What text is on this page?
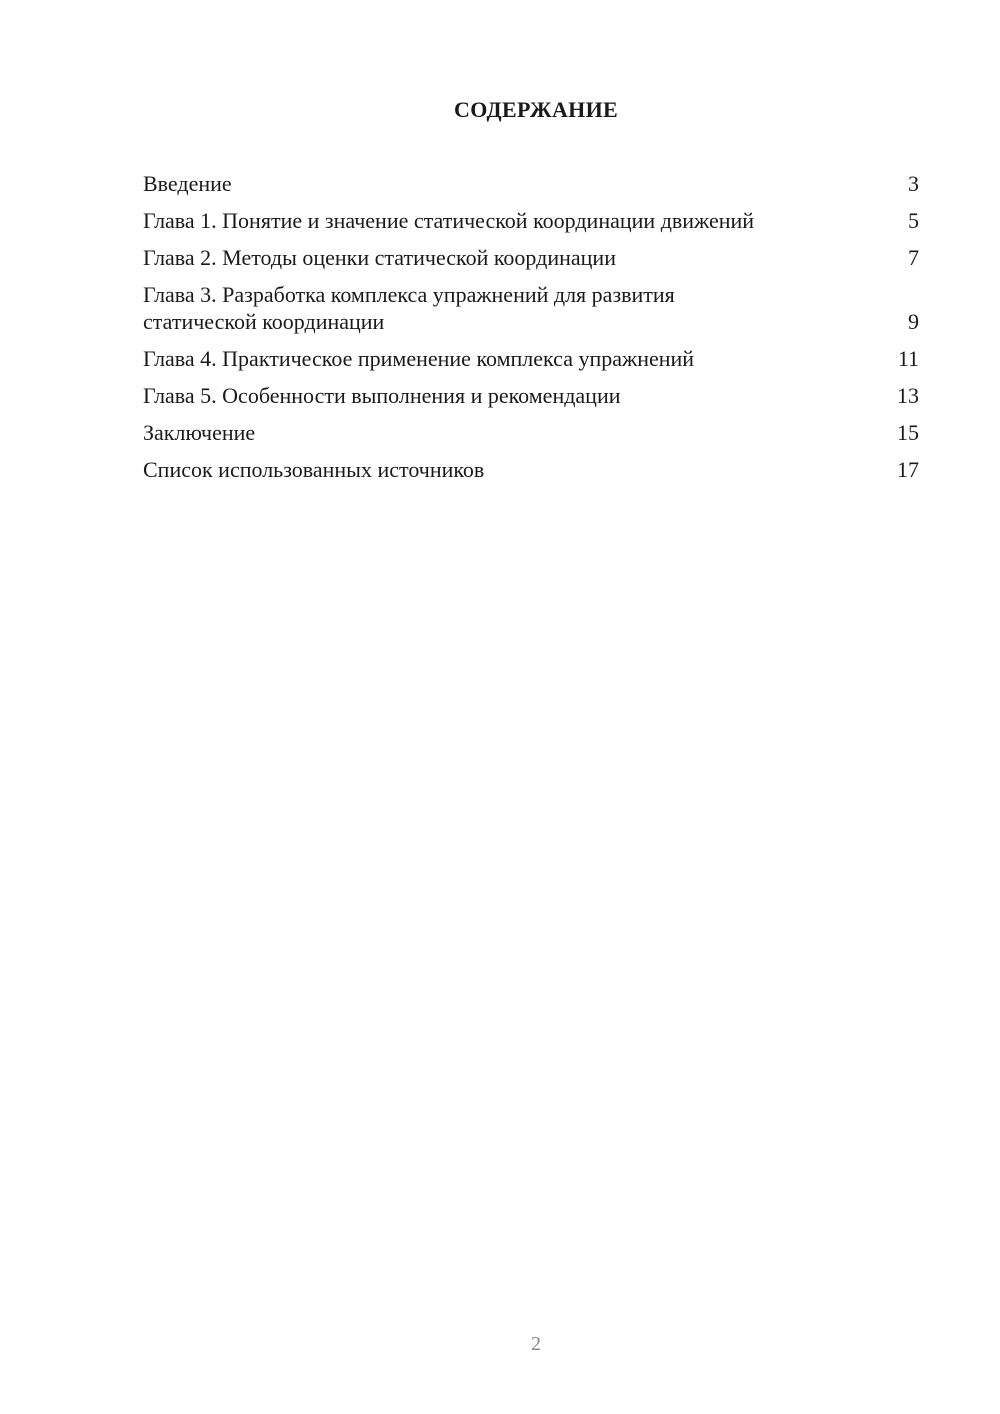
СОДЕРЖАНИЕ
Введение	3
Глава 1. Понятие и значение статической координации движений	5
Глава 2. Методы оценки статической координации	7
Глава 3. Разработка комплекса упражнений для развития статической координации	9
Глава 4. Практическое применение комплекса упражнений	11
Глава 5. Особенности выполнения и рекомендации	13
Заключение	15
Список использованных источников	17
2
